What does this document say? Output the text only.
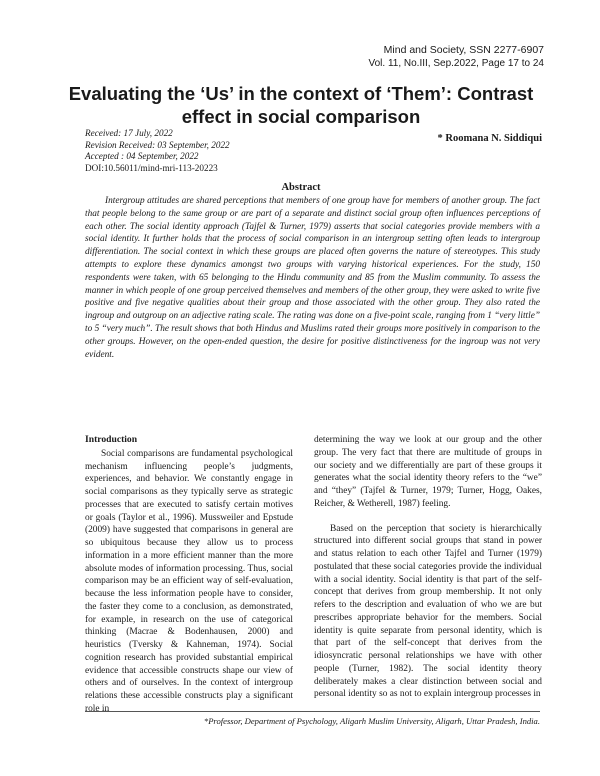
Mind and Society, SSN 2277-6907
Vol. 11, No.III, Sep.2022, Page 17 to 24
Evaluating the ‘Us’ in the context of ‘Them’: Contrast effect in social comparison
Received: 17 July, 2022
Revision Received: 03 September, 2022
Accepted : 04 September, 2022
DOI:10.56011/mind-mri-113-20223
* Roomana N. Siddiqui
Abstract

Intergroup attitudes are shared perceptions that members of one group have for members of another group. The fact that people belong to the same group or are part of a separate and distinct social group often influences perceptions of each other. The social identity approach (Tajfel & Turner, 1979) asserts that social categories provide members with a social identity. It further holds that the process of social comparison in an intergroup setting often leads to intergroup differentiation. The social context in which these groups are placed often governs the nature of stereotypes. This study attempts to explore these dynamics amongst two groups with varying historical experiences. For the study, 150 respondents were taken, with 65 belonging to the Hindu community and 85 from the Muslim community. To assess the manner in which people of one group perceived themselves and members of the other group, they were asked to write five positive and five negative qualities about their group and those associated with the other group. They also rated the ingroup and outgroup on an adjective rating scale. The rating was done on a five-point scale, ranging from 1 “very little” to 5 “very much”. The result shows that both Hindus and Muslims rated their groups more positively in comparison to the other groups. However, on the open-ended question, the desire for positive distinctiveness for the ingroup was not very evident.

Introduction

Social comparisons are fundamental psychological mechanism influencing people’s judgments, experiences, and behavior. We constantly engage in social comparisons as they typically serve as strategic processes that are executed to satisfy certain motives or goals (Taylor et al., 1996). Mussweiler and Epstude (2009) have suggested that comparisons in general are so ubiquitous because they allow us to process information in a more efficient manner than the more absolute modes of information processing. Thus, social comparison may be an efficient way of self-evaluation, because the less information people have to consider, the faster they come to a conclusion, as demonstrated, for example, in research on the use of categorical thinking (Macrae & Bodenhausen, 2000) and heuristics (Tversky & Kahneman, 1974). Social cognition research has provided substantial empirical evidence that accessible constructs shape our view of others and of ourselves. In the context of intergroup relations these accessible constructs play a significant role in

determining the way we look at our group and the other group. The very fact that there are multitude of groups in our society and we differentially are part of these groups it generates what the social identity theory refers to the “we” and “they” (Tajfel & Turner, 1979; Turner, Hogg, Oakes, Reicher, & Wetherell, 1987) feeling.

Based on the perception that society is hierarchically structured into different social groups that stand in power and status relation to each other Tajfel and Turner (1979) postulated that these social categories provide the individual with a social identity. Social identity is that part of the self-concept that derives from group membership. It not only refers to the description and evaluation of who we are but prescribes appropriate behavior for the members. Social identity is quite separate from personal identity, which is that part of the self-concept that derives from the idiosyncratic personal relationships we have with other people (Turner, 1982). The social identity theory deliberately makes a clear distinction between social and personal identity so as not to explain intergroup processes in

*Professor, Department of Psychology, Aligarh Muslim University, Aligarh, Uttar Pradesh, India.
